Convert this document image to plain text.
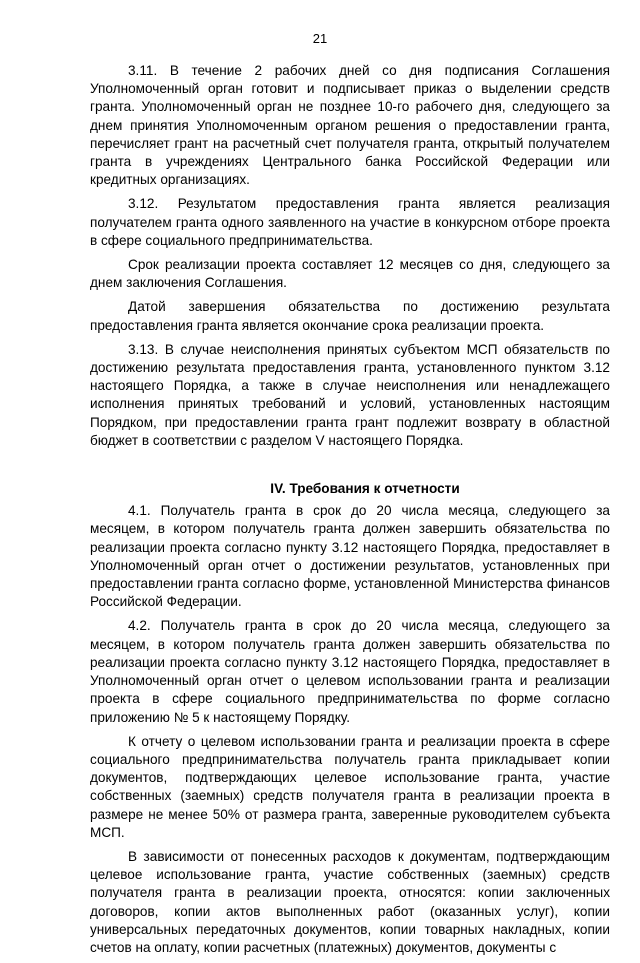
21

3.11. В течение 2 рабочих дней со дня подписания Соглашения Уполномоченный орган готовит и подписывает приказ о выделении средств гранта. Уполномоченный орган не позднее 10-го рабочего дня, следующего за днем принятия Уполномоченным органом решения о предоставлении гранта, перечисляет грант на расчетный счет получателя гранта, открытый получателем гранта в учреждениях Центрального банка Российской Федерации или кредитных организациях.

3.12. Результатом предоставления гранта является реализация получателем гранта одного заявленного на участие в конкурсном отборе проекта в сфере социального предпринимательства.

Срок реализации проекта составляет 12 месяцев со дня, следующего за днем заключения Соглашения.

Датой завершения обязательства по достижению результата предоставления гранта является окончание срока реализации проекта.

3.13. В случае неисполнения принятых субъектом МСП обязательств по достижению результата предоставления гранта, установленного пунктом 3.12 настоящего Порядка, а также в случае неисполнения или ненадлежащего исполнения принятых требований и условий, установленных настоящим Порядком, при предоставлении гранта грант подлежит возврату в областной бюджет в соответствии с разделом V настоящего Порядка.

IV. Требования к отчетности

4.1. Получатель гранта в срок до 20 числа месяца, следующего за месяцем, в котором получатель гранта должен завершить обязательства по реализации проекта согласно пункту 3.12 настоящего Порядка, предоставляет в Уполномоченный орган отчет о достижении результатов, установленных при предоставлении гранта согласно форме, установленной Министерства финансов Российской Федерации.

4.2. Получатель гранта в срок до 20 числа месяца, следующего за месяцем, в котором получатель гранта должен завершить обязательства по реализации проекта согласно пункту 3.12 настоящего Порядка, предоставляет в Уполномоченный орган отчет о целевом использовании гранта и реализации проекта в сфере социального предпринимательства по форме согласно приложению № 5 к настоящему Порядку.

К отчету о целевом использовании гранта и реализации проекта в сфере социального предпринимательства получатель гранта прикладывает копии документов, подтверждающих целевое использование гранта, участие собственных (заемных) средств получателя гранта в реализации проекта в размере не менее 50% от размера гранта, заверенные руководителем субъекта МСП.

В зависимости от понесенных расходов к документам, подтверждающим целевое использование гранта, участие собственных (заемных) средств получателя гранта в реализации проекта, относятся: копии заключенных договоров, копии актов выполненных работ (оказанных услуг), копии универсальных передаточных документов, копии товарных накладных, копии счетов на оплату, копии расчетных (платежных) документов, документы с
